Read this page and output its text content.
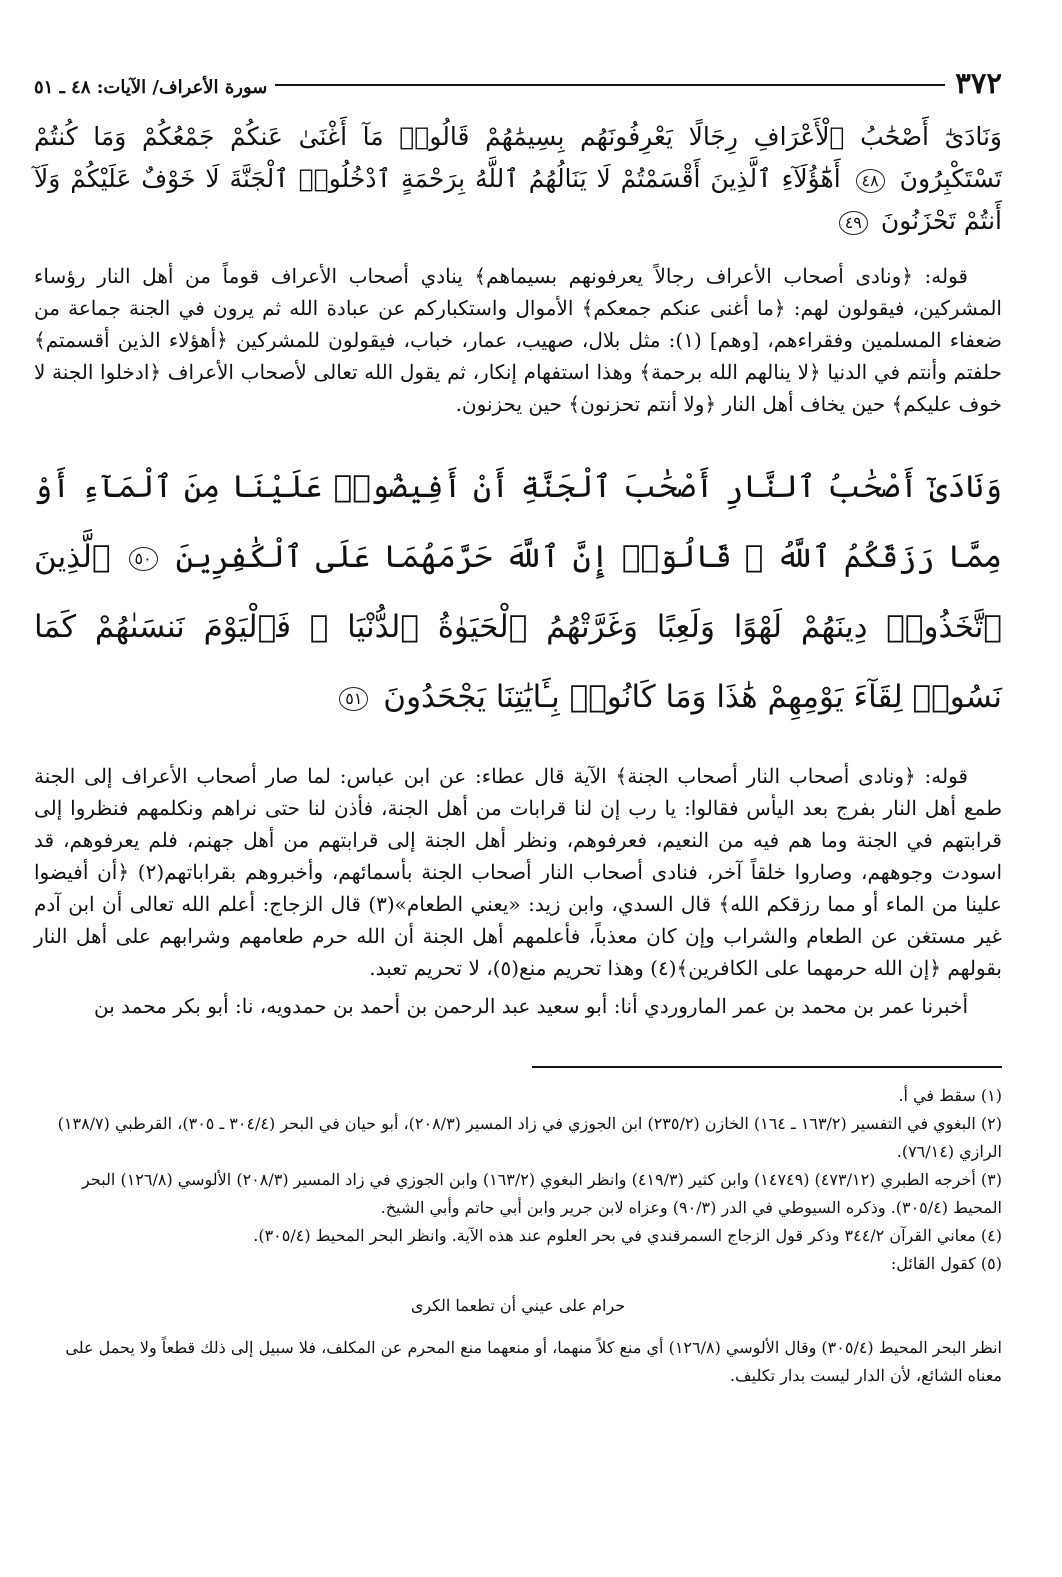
٣٧٢
سورة الأعراف/ الآيات: ٤٨ ـ ٥١
وَنَادَىٰٓ أَصْحَٰبُ ٱلْأَعْرَافِ رِجَالًا يَعْرِفُونَهُم بِسِيمَٰهُمْ قَالُوا۟ مَآ أَغْنَىٰ عَنكُمْ جَمْعُكُمْ وَمَا كُنتُمْ تَسْتَكْبِرُونَ ٤٨ أَهَٰٓؤُلَآءِ ٱلَّذِينَ أَقْسَمْتُمْ لَا يَنَالُهُمُ ٱللَّهُ بِرَحْمَةٍ ٱدْخُلُوا۟ ٱلْجَنَّةَ لَا خَوْفٌ عَلَيْكُمْ وَلَآ أَنتُمْ تَحْزَنُونَ ٤٩

قوله: ﴿ونادى أصحاب الأعراف رجالاً يعرفونهم بسيماهم﴾ ينادي أصحاب الأعراف قوماً من أهل النار رؤساء المشركين، فيقولون لهم: ﴿ما أغنى عنكم جمعكم﴾ الأموال واستكباركم عن عبادة الله ثم يرون في الجنة جماعة من ضعفاء المسلمين وفقراءهم، [وهم] (١): مثل بلال، صهيب، عمار، خباب، فيقولون للمشركين ﴿أهؤلاء الذين أقسمتم﴾ حلفتم وأنتم في الدنيا ﴿لا ينالهم الله برحمة﴾ وهذا استفهام إنكار، ثم يقول الله تعالى لأصحاب الأعراف ﴿ادخلوا الجنة لا خوف عليكم﴾ حين يخاف أهل النار ﴿ولا أنتم تحزنون﴾ حين يحزنون.

وَنَادَىٰٓ أَصْحَٰبُ ٱلنَّارِ أَصْحَٰبَ ٱلْجَنَّةِ أَنْ أَفِيضُوا۟ عَلَيْنَا مِنَ ٱلْمَآءِ أَوْ مِمَّا رَزَقَكُمُ ٱللَّهُ ۚ قَالُوٓا۟ إِنَّ ٱللَّهَ حَرَّمَهُمَا عَلَى ٱلْكَٰفِرِينَ ٥٠ ٱلَّذِينَ ٱتَّخَذُوا۟ دِينَهُمْ لَهْوًا وَلَعِبًا وَغَرَّتْهُمُ ٱلْحَيَوٰةُ ٱلدُّنْيَا ۚ فَٱلْيَوْمَ نَنسَىٰهُمْ كَمَا نَسُوا۟ لِقَآءَ يَوْمِهِمْ هَٰذَا وَمَا كَانُوا۟ بِـَٔايَٰتِنَا يَجْحَدُونَ ٥١

قوله: ﴿ونادى أصحاب النار أصحاب الجنة﴾ الآية قال عطاء: عن ابن عباس: لما صار أصحاب الأعراف إلى الجنة طمع أهل النار بفرج بعد اليأس فقالوا: يا رب إن لنا قرابات من أهل الجنة، فأذن لنا حتى نراهم ونكلمهم فنظروا إلى قرابتهم في الجنة وما هم فيه من النعيم، فعرفوهم، ونظر أهل الجنة إلى قرابتهم من أهل جهنم، فلم يعرفوهم، قد اسودت وجوههم، وصاروا خلقاً آخر، فنادى أصحاب النار أصحاب الجنة بأسمائهم، وأخبروهم بقراباتهم(٢) ﴿أن أفيضوا علينا من الماء أو مما رزقكم الله﴾ قال السدي، وابن زيد: «يعني الطعام»(٣) قال الزجاج: أعلم الله تعالى أن ابن آدم غير مستغن عن الطعام والشراب وإن كان معذباً، فأعلمهم أهل الجنة أن الله حرم طعامهم وشرابهم على أهل النار بقولهم ﴿إن الله حرمهما على الكافرين﴾(٤) وهذا تحريم منع(٥)، لا تحريم تعبد.

أخبرنا عمر بن محمد بن عمر الماروردي أنا: أبو سعيد عبد الرحمن بن أحمد بن حمدويه، نا: أبو بكر محمد بن

(١) سقط في أ.

(٢) البغوي في التفسير (١٦٣/٢ ـ ١٦٤) الخازن (٢٣٥/٢) ابن الجوزي في زاد المسير (٢٠٨/٣)، أبو حيان في البحر (٣٠٤/٤ ـ ٣٠٥)، القرطبي (١٣٨/٧) الرازي (٧٦/١٤).

(٣) أخرجه الطبري (٤٧٣/١٢) (١٤٧٤٩) وابن كثير (٤١٩/٣) وانظر البغوي (١٦٣/٢) وابن الجوزي في زاد المسير (٢٠٨/٣) الألوسي (١٢٦/٨) البحر المحيط (٣٠٥/٤). وذكره السيوطي في الدر (٩٠/٣) وعزاه لابن جرير وابن أبي حاتم وأبي الشيخ.

(٤) معاني القرآن ٣٤٤/٢ وذكر قول الزجاج السمرقندي في بحر العلوم عند هذه الآية. وانظر البحر المحيط (٣٠٥/٤).

(٥) كقول القائل:

حرام على عيني أن تطعما الكرى

انظر البحر المحيط (٣٠٥/٤) وقال الألوسي (١٢٦/٨) أي منع كلاً منهما، أو منعهما منع المحرم عن المكلف، فلا سبيل إلى ذلك قطعاً ولا يحمل على معناه الشائع، لأن الدار ليست بدار تكليف.
